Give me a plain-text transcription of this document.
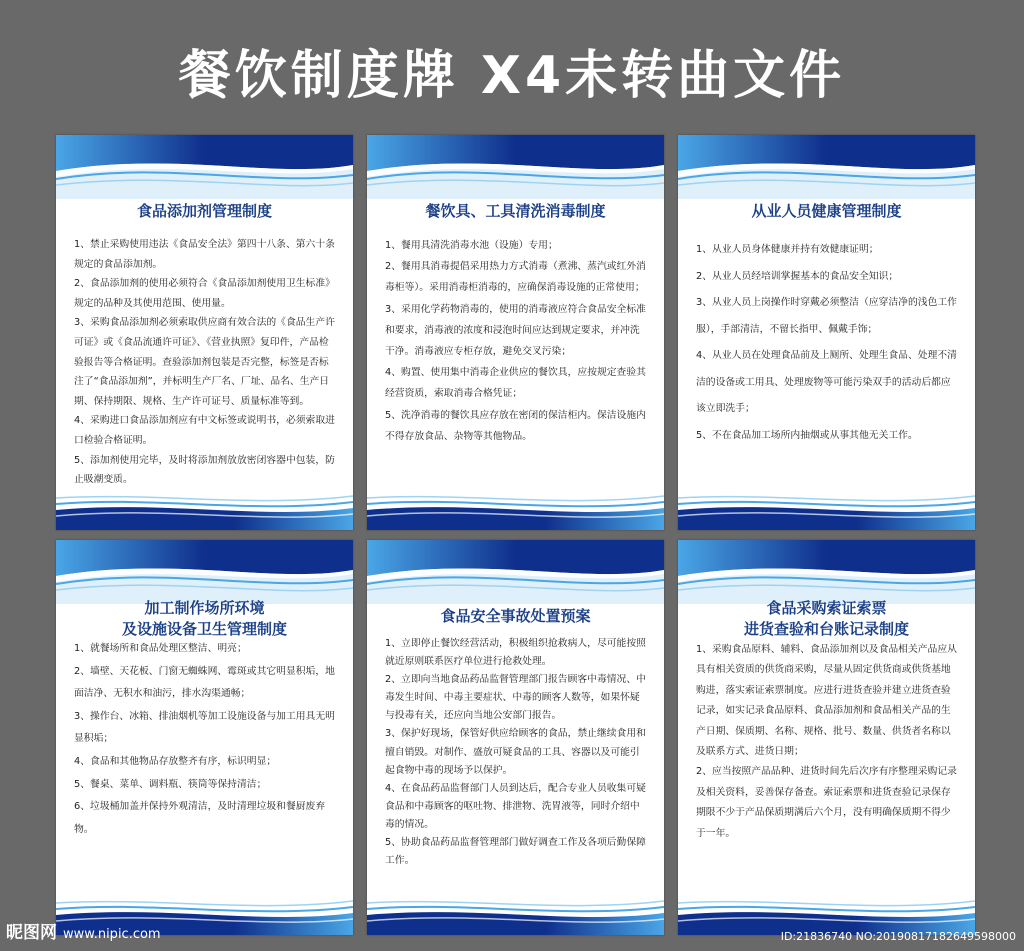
餐饮制度牌 X4未转曲文件
食品添加剂管理制度

1、禁止采购使用违法《食品安全法》第四十八条、第六十条规定的食品添加剂。

2、食品添加剂的使用必须符合《食品添加剂使用卫生标准》规定的品种及其使用范围、使用量。

3、采购食品添加剂必须索取供应商有效合法的《食品生产许可证》或《食品流通许可证》、《营业执照》复印件，产品检验报告等合格证明。查验添加剂包装是否完整，标签是否标注了“食品添加剂”，并标明生产厂名、厂址、品名、生产日期、保持期限、规格、生产许可证号、质量标准等到。

4、采购进口食品添加剂应有中文标签或说明书，必须索取进口检验合格证明。

5、添加剂使用完毕，及时将添加剂放放密闭容器中包装，防止吸潮变质。

餐饮具、工具清洗消毒制度

1、餐用具清洗消毒水池（设施）专用；

2、餐用具消毒提倡采用热力方式消毒（煮沸、蒸汽或红外消毒柜等）。采用消毒柜消毒的，应确保消毒设施的正常使用；

3、采用化学药物消毒的，使用的消毒液应符合食品安全标准和要求，消毒液的浓度和浸泡时间应达到规定要求，并冲洗干净。消毒液应专柜存放，避免交叉污染；

4、购置、使用集中消毒企业供应的餐饮具，应按规定查验其经营资质，索取消毒合格凭证；

5、洗净消毒的餐饮具应存放在密闭的保洁柜内。保洁设施内不得存放食品、杂物等其他物品。

从业人员健康管理制度

1、从业人员身体健康并持有效健康证明；

2、从业人员经培训掌握基本的食品安全知识；

3、从业人员上岗操作时穿戴必须整洁（应穿洁净的浅色工作服），手部清洁，不留长指甲、佩戴手饰；

4、从业人员在处理食品前及上厕所、处理生食品、处理不清洁的设备或工用具、处理废物等可能污染双手的活动后都应该立即洗手；

5、不在食品加工场所内抽烟或从事其他无关工作。

加工制作场所环境
及设施设备卫生管理制度

1、就餐场所和食品处理区整洁、明亮；

2、墙壁、天花板、门窗无蜘蛛网、霉斑或其它明显积垢，地面洁净、无积水和油污，排水沟渠通畅；

3、操作台、冰箱、排油烟机等加工设施设备与加工用具无明显积垢；

4、食品和其他物品存放整齐有序，标识明显；

5、餐桌、菜单、调料瓶、筷筒等保持清洁；

6、垃圾桶加盖并保持外观清洁，及时清理垃圾和餐厨废弃物。

食品安全事故处置预案

1、立即停止餐饮经营活动，积极组织抢救病人，尽可能按照就近原则联系医疗单位进行抢救处理。

2、立即向当地食品药品监督管理部门报告顾客中毒情况、中毒发生时间、中毒主要症状、中毒的顾客人数等，如果怀疑与投毒有关，还应向当地公安部门报告。

3、保护好现场，保管好供应给顾客的食品，禁止继续食用和擅自销毁。对制作、盛放可疑食品的工具、容器以及可能引起食物中毒的现场予以保护。

4、在食品药品监督部门人员到达后，配合专业人员收集可疑食品和中毒顾客的呕吐物、排泄物、洗胃液等，同时介绍中毒的情况。

5、协助食品药品监督管理部门做好调查工作及各项后勤保障工作。

食品采购索证索票
进货查验和台账记录制度

1、采购食品原料、辅料、食品添加剂以及食品相关产品应从具有相关资质的供货商采购，尽量从固定供货商或供货基地购进，落实索证索票制度。应进行进货查验并建立进货查验记录，如实记录食品原料、食品添加剂和食品相关产品的生产日期、保质期、名称、规格、批号、数量、供货者名称以及联系方式、进货日期；

2、应当按照产品品种、进货时间先后次序有序整理采购记录及相关资料，妥善保存备查。索证索票和进货查验记录保存期限不少于产品保质期满后六个月，没有明确保质期不得少于一年。

昵图网 www.nipic.com	ID:21836740 NO:20190817182649598000
